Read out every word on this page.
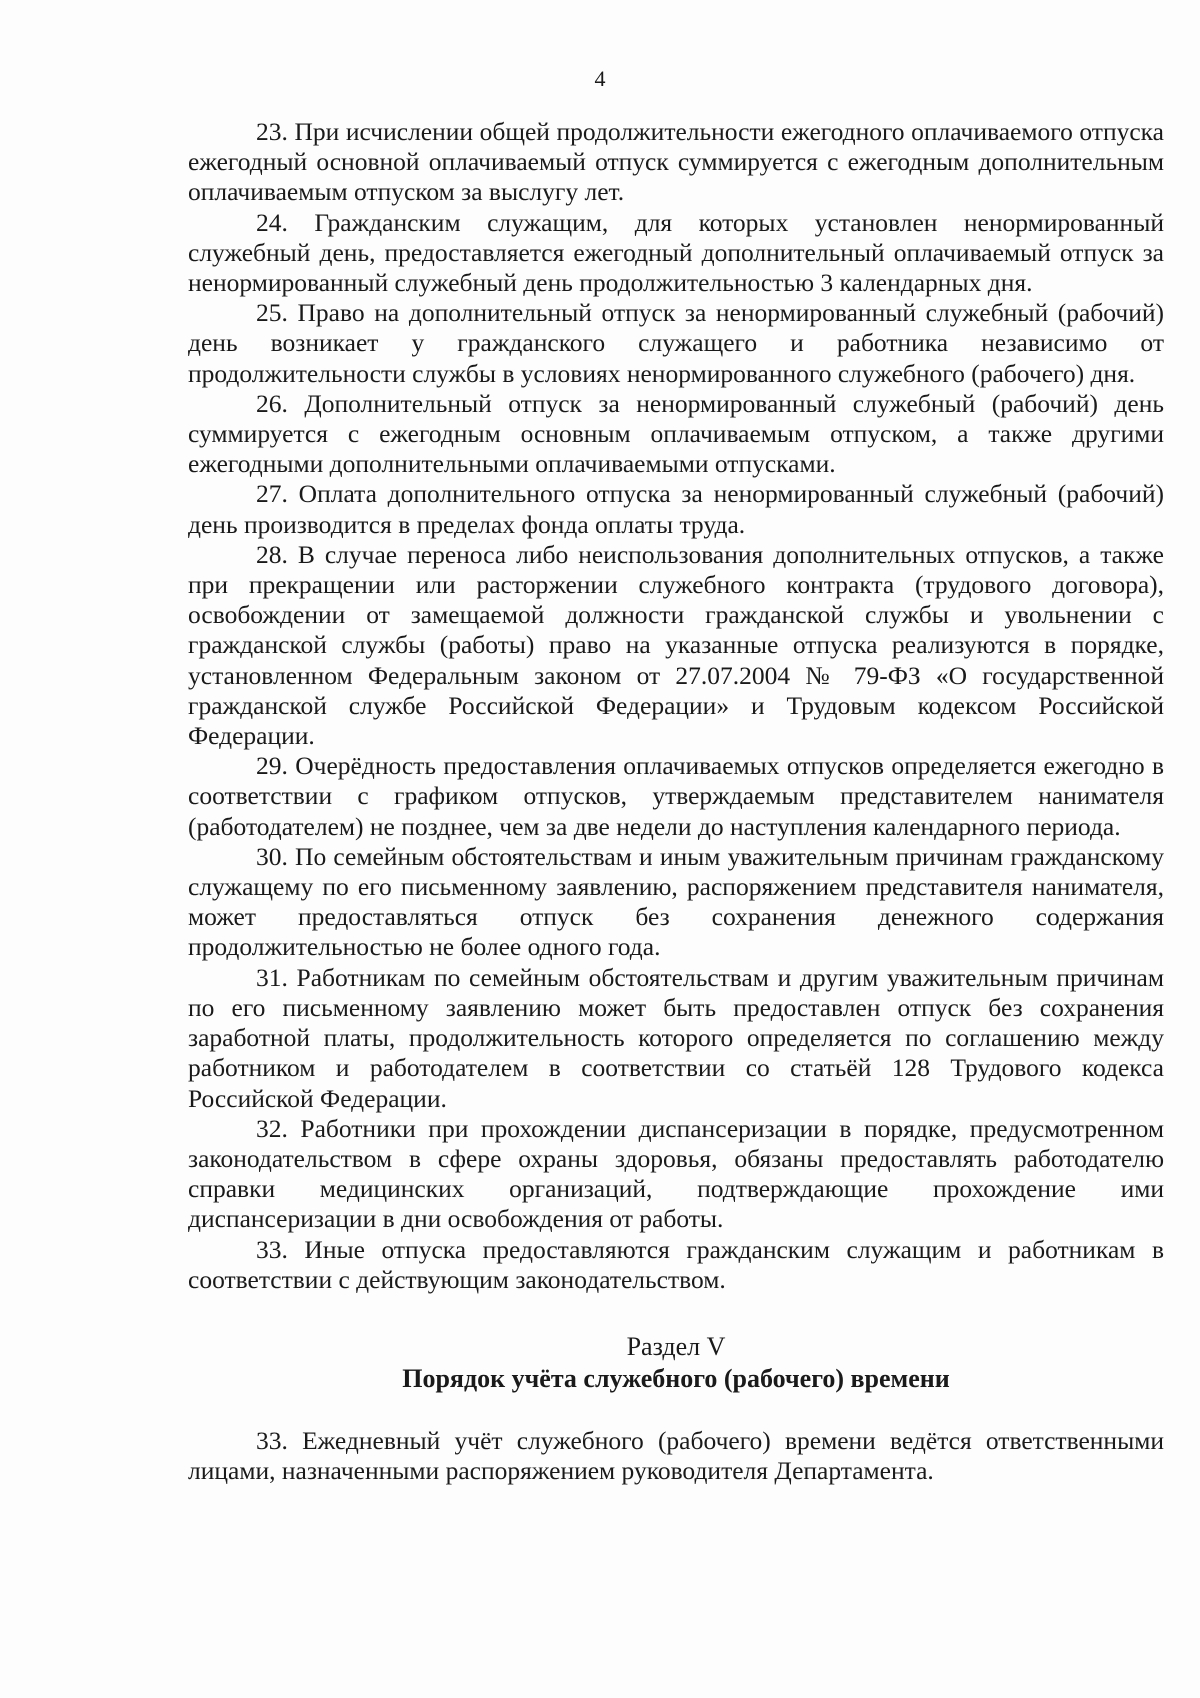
4

23. При исчислении общей продолжительности ежегодного оплачиваемого отпуска ежегодный основной оплачиваемый отпуск суммируется с ежегодным дополнительным оплачиваемым отпуском за выслугу лет.

24. Гражданским служащим, для которых установлен ненормированный служебный день, предоставляется ежегодный дополнительный оплачиваемый отпуск за ненормированный служебный день продолжительностью 3 календарных дня.

25. Право на дополнительный отпуск за ненормированный служебный (рабочий) день возникает у гражданского служащего и работника независимо от продолжительности службы в условиях ненормированного служебного (рабочего) дня.

26. Дополнительный отпуск за ненормированный служебный (рабочий) день суммируется с ежегодным основным оплачиваемым отпуском, а также другими ежегодными дополнительными оплачиваемыми отпусками.

27. Оплата дополнительного отпуска за ненормированный служебный (рабочий) день производится в пределах фонда оплаты труда.

28. В случае переноса либо неиспользования дополнительных отпусков, а также при прекращении или расторжении служебного контракта (трудового договора), освобождении от замещаемой должности гражданской службы и увольнении с гражданской службы (работы) право на указанные отпуска реализуются в порядке, установленном Федеральным законом от 27.07.2004 № 79-ФЗ «О государственной гражданской службе Российской Федерации» и Трудовым кодексом Российской Федерации.

29. Очерёдность предоставления оплачиваемых отпусков определяется ежегодно в соответствии с графиком отпусков, утверждаемым представителем нанимателя (работодателем) не позднее, чем за две недели до наступления календарного периода.

30. По семейным обстоятельствам и иным уважительным причинам гражданскому служащему по его письменному заявлению, распоряжением представителя нанимателя, может предоставляться отпуск без сохранения денежного содержания продолжительностью не более одного года.

31. Работникам по семейным обстоятельствам и другим уважительным причинам по его письменному заявлению может быть предоставлен отпуск без сохранения заработной платы, продолжительность которого определяется по соглашению между работником и работодателем в соответствии со статьёй 128 Трудового кодекса Российской Федерации.

32. Работники при прохождении диспансеризации в порядке, предусмотренном законодательством в сфере охраны здоровья, обязаны предоставлять работодателю справки медицинских организаций, подтверждающие прохождение ими диспансеризации в дни освобождения от работы.

33. Иные отпуска предоставляются гражданским служащим и работникам в соответствии с действующим законодательством.

Раздел V
Порядок учёта служебного (рабочего) времени

33. Ежедневный учёт служебного (рабочего) времени ведётся ответственными лицами, назначенными распоряжением руководителя Департамента.
